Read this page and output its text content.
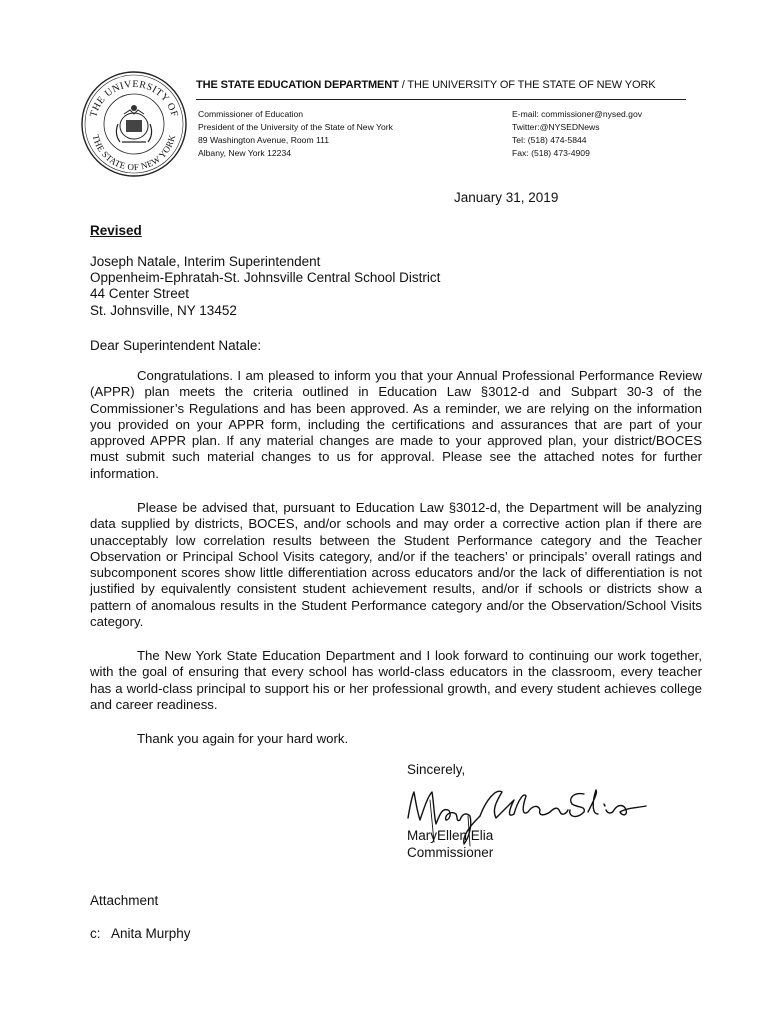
THE UNIVERSITY OF
THE STATE OF NEW YORK
THE STATE EDUCATION DEPARTMENT / THE UNIVERSITY OF THE STATE OF NEW YORK
Commissioner of Education
President of the University of the State of New York
89 Washington Avenue, Room 111
Albany, New York 12234
E-mail: commissioner@nysed.gov
Twitter:@NYSEDNews
Tel: (518) 474-5844
Fax: (518) 473-4909
January 31, 2019
Revised
Joseph Natale, Interim Superintendent
Oppenheim-Ephratah-St. Johnsville Central School District
44 Center Street
St. Johnsville, NY 13452
Dear Superintendent Natale:

Congratulations. I am pleased to inform you that your Annual Professional Performance Review (APPR) plan meets the criteria outlined in Education Law §3012-d and Subpart 30-3 of the Commissioner’s Regulations and has been approved. As a reminder, we are relying on the information you provided on your APPR form, including the certifications and assurances that are part of your approved APPR plan. If any material changes are made to your approved plan, your district/BOCES must submit such material changes to us for approval. Please see the attached notes for further information.

Please be advised that, pursuant to Education Law §3012-d, the Department will be analyzing data supplied by districts, BOCES, and/or schools and may order a corrective action plan if there are unacceptably low correlation results between the Student Performance category and the Teacher Observation or Principal School Visits category, and/or if the teachers’ or principals’ overall ratings and subcomponent scores show little differentiation across educators and/or the lack of differentiation is not justified by equivalently consistent student achievement results, and/or if schools or districts show a pattern of anomalous results in the Student Performance category and/or the Observation/School Visits category.

The New York State Education Department and I look forward to continuing our work together, with the goal of ensuring that every school has world-class educators in the classroom, every teacher has a world-class principal to support his or her professional growth, and every student achieves college and career readiness.

Thank you again for your hard work.

Sincerely,
MaryEllen Elia
Commissioner
Attachment
c:   Anita Murphy
